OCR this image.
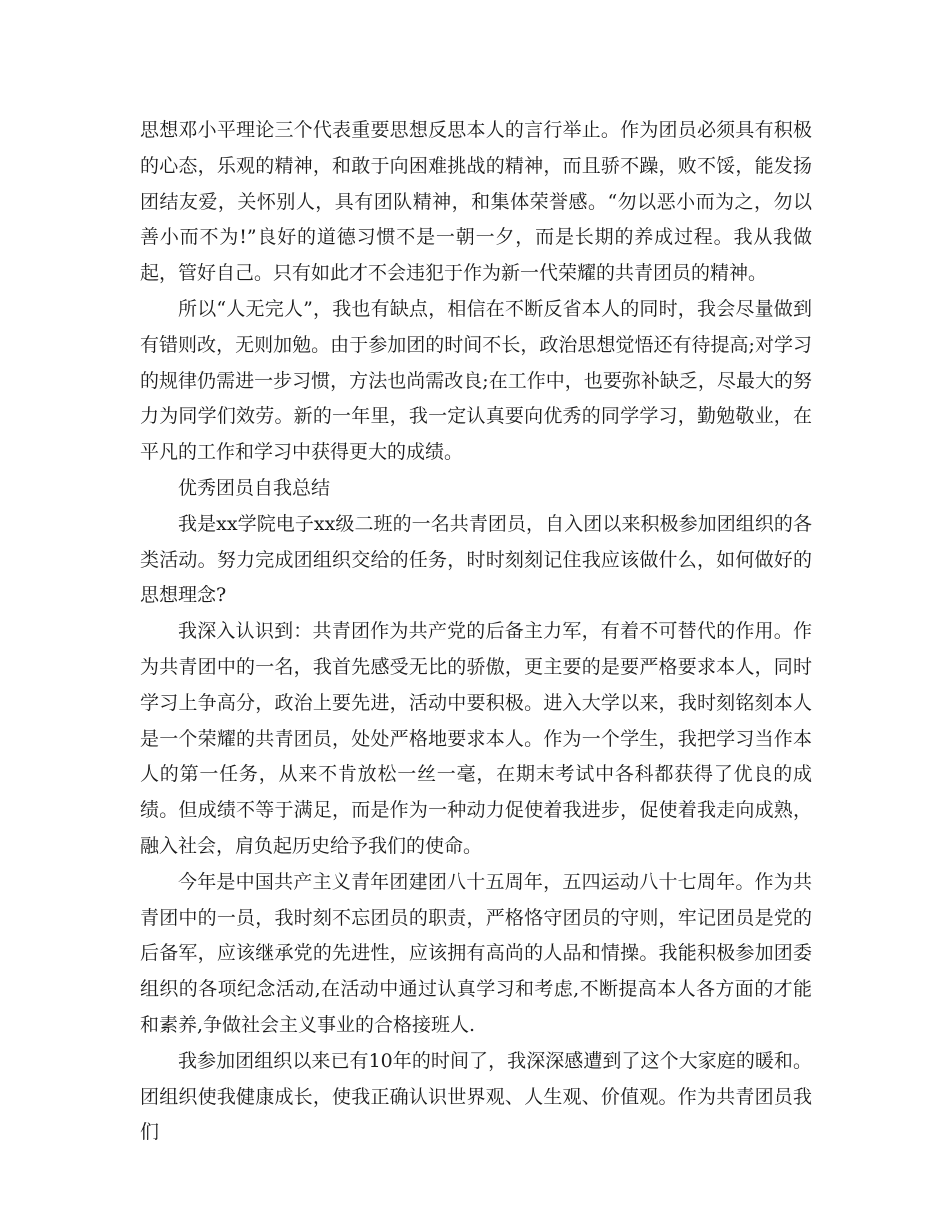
思想邓小平理论三个代表重要思想反思本人的言行举止。作为团员必须具有积极的心态，乐观的精神，和敢于向困难挑战的精神，而且骄不躁，败不馁，能发扬团结友爱，关怀别人，具有团队精神，和集体荣誉感。“勿以恶小而为之，勿以善小而不为!”良好的道德习惯不是一朝一夕，而是长期的养成过程。我从我做起，管好自己。只有如此才不会违犯于作为新一代荣耀的共青团员的精神。

所以“人无完人”，我也有缺点，相信在不断反省本人的同时，我会尽量做到有错则改，无则加勉。由于参加团的时间不长，政治思想觉悟还有待提高;对学习的规律仍需进一步习惯，方法也尚需改良;在工作中，也要弥补缺乏，尽最大的努力为同学们效劳。新的一年里，我一定认真要向优秀的同学学习，勤勉敬业，在平凡的工作和学习中获得更大的成绩。

优秀团员自我总结

我是xx学院电子xx级二班的一名共青团员，自入团以来积极参加团组织的各类活动。努力完成团组织交给的任务，时时刻刻记住我应该做什么，如何做好的思想理念?

我深入认识到：共青团作为共产党的后备主力军，有着不可替代的作用。作为共青团中的一名，我首先感受无比的骄傲，更主要的是要严格要求本人，同时学习上争高分，政治上要先进，活动中要积极。进入大学以来，我时刻铭刻本人是一个荣耀的共青团员，处处严格地要求本人。作为一个学生，我把学习当作本人的第一任务，从来不肯放松一丝一毫，在期末考试中各科都获得了优良的成绩。但成绩不等于满足，而是作为一种动力促使着我进步，促使着我走向成熟，融入社会，肩负起历史给予我们的使命。

今年是中国共产主义青年团建团八十五周年，五四运动八十七周年。作为共青团中的一员，我时刻不忘团员的职责，严格恪守团员的守则，牢记团员是党的后备军，应该继承党的先进性，应该拥有高尚的人品和情操。我能积极参加团委组织的各项纪念活动,在活动中通过认真学习和考虑,不断提高本人各方面的才能和素养,争做社会主义事业的合格接班人.

我参加团组织以来已有10年的时间了，我深深感遭到了这个大家庭的暖和。团组织使我健康成长，使我正确认识世界观、人生观、价值观。作为共青团员我们
